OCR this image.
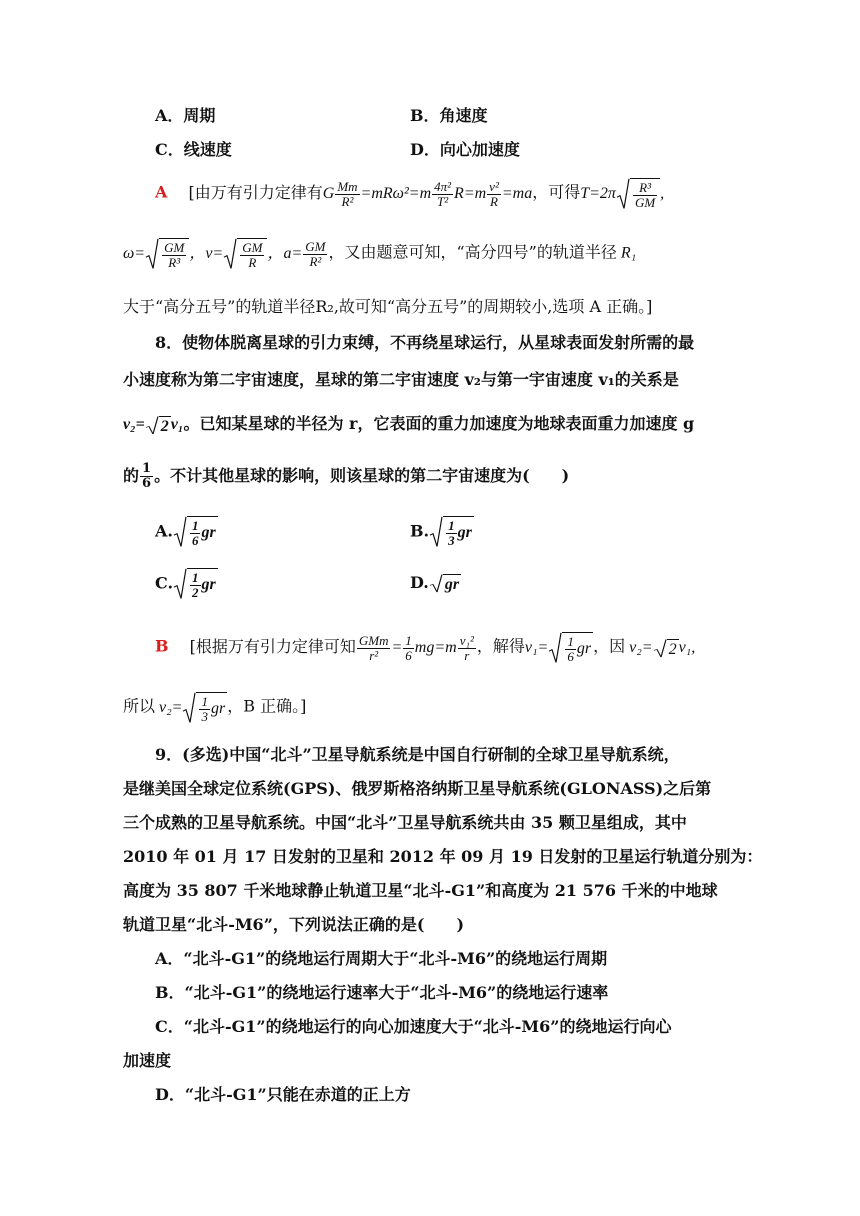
A．周期	B．角速度
C．线速度	D．向心加速度
A [由万有引力定律有G $\frac{Mm}{\text{R²}} =mR\omega^2=m \frac{\text{4π²}}{\text{T²}} R=m \frac{\text{v²}}{R} =ma$，可得$T=2\pi \frac{\text{R³}}{GM}$ ,
$\omega= \frac{GM}{\text{R³}}$ ，$v= \frac{GM}{R}$ ，$a= \frac{GM}{\text{R²}}$ ，又由题意可知，“高分四号”的轨道半径 R₁
大于“高分五号”的轨道半径R₂,故可知“高分五号”的周期较小,选项 A 正确。]
8．使物体脱离星球的引力束缚，不再绕星球运行，从星球表面发射所需的最
小速度称为第二宇宙速度，星球的第二宇宙速度 v₂与第一宇宙速度 v₁的关系是
v₂= 2 v₁。已知某星球的半径为 r，它表面的重力加速度为地球表面重力加速度 g
的 $\frac{1}{6}$ 。不计其他星球的影响，则该星球的第二宇宙速度为(　　)
A. $\frac{1}{6}$ gr	B. $\frac{1}{3}$ gr
C. $\frac{1}{2}$ gr	D. gr
B [根据万有引力定律可知 $\frac{\text{GMm}}{\text{r²}} = \frac{1}{6} mg=m \frac{\text{v₁²}}{r}$ ，解得$v_1= \frac{1}{6}$ gr ，因 v₂= 2 v₁,
所以 $v_2= \frac{1}{3}$ gr ，B 正确。]
9．(多选)中国“北斗”卫星导航系统是中国自行研制的全球卫星导航系统，
是继美国全球定位系统(GPS)、俄罗斯格洛纳斯卫星导航系统(GLONASS)之后第
三个成熟的卫星导航系统。中国“北斗”卫星导航系统共由 35 颗卫星组成，其中
2010 年 01 月 17 日发射的卫星和 2012 年 09 月 19 日发射的卫星运行轨道分别为：
高度为 35 807 千米地球静止轨道卫星“北斗-G1”和高度为 21 576 千米的中地球
轨道卫星“北斗-M6”，下列说法正确的是(　　)
A．“北斗-G1”的绕地运行周期大于“北斗-M6”的绕地运行周期
B．“北斗-G1”的绕地运行速率大于“北斗-M6”的绕地运行速率
C．“北斗-G1”的绕地运行的向心加速度大于“北斗-M6”的绕地运行向心
加速度
D．“北斗-G1”只能在赤道的正上方
